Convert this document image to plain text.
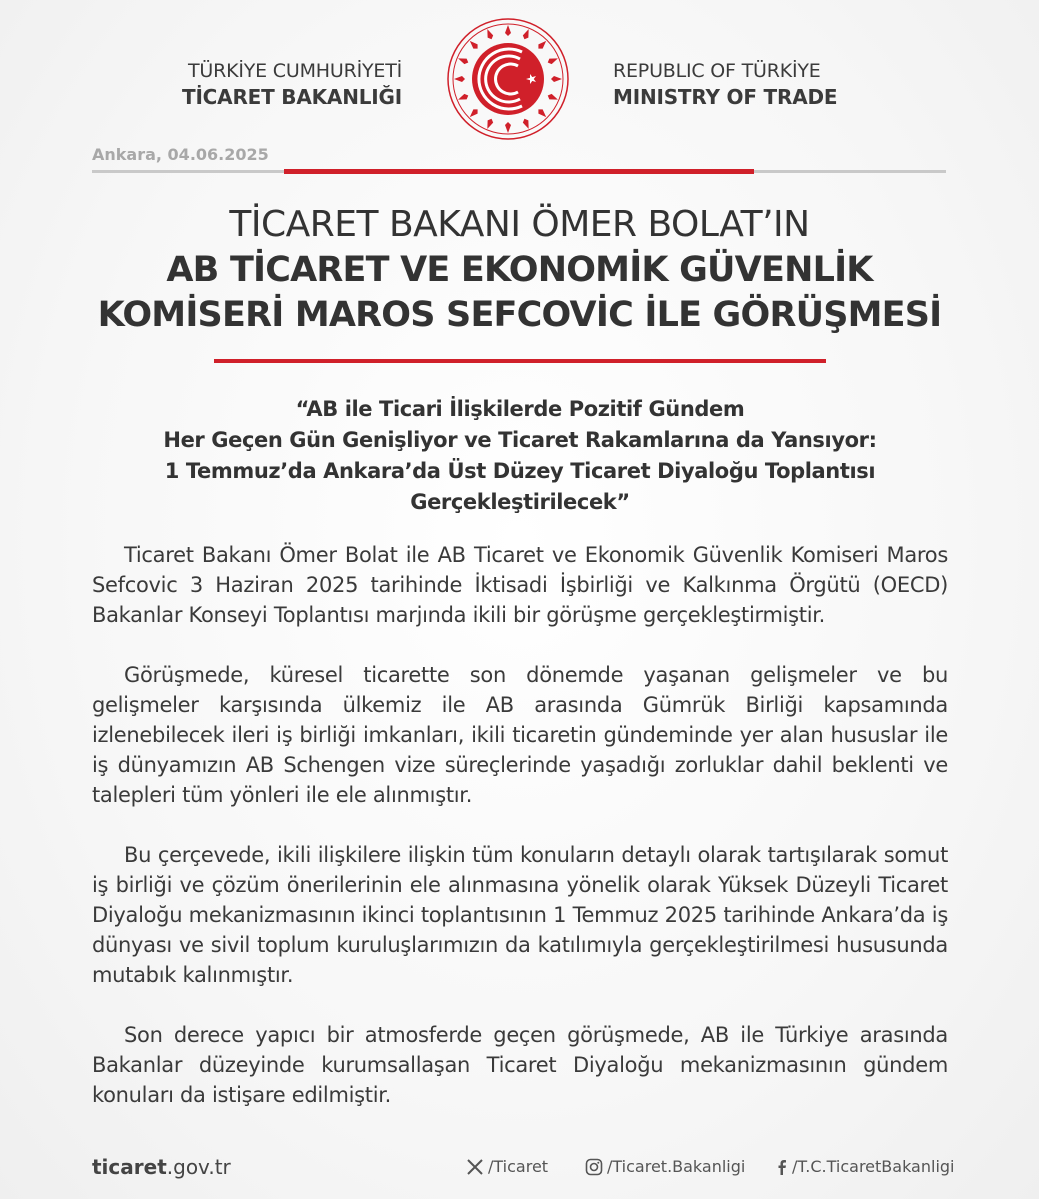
TÜRKİYE CUMHURİYETİ
TİCARET BAKANLIĞI
REPUBLIC OF TÜRKİYE
MINISTRY OF TRADE
Ankara, 04.06.2025
TİCARET BAKANI ÖMER BOLAT’IN
AB TİCARET VE EKONOMİK GÜVENLİK
KOMİSERİ MAROS SEFCOVİC İLE GÖRÜŞMESİ
“AB ile Ticari İlişkilerde Pozitif Gündem
Her Geçen Gün Genişliyor ve Ticaret Rakamlarına da Yansıyor:
1 Temmuz’da Ankara’da Üst Düzey Ticaret Diyaloğu Toplantısı
Gerçekleştirilecek”

Ticaret Bakanı Ömer Bolat ile AB Ticaret ve Ekonomik Güvenlik Komiseri Maros Sefcovic 3 Haziran 2025 tarihinde İktisadi İşbirliği ve Kalkınma Örgütü (OECD) Bakanlar Konseyi Toplantısı marjında ikili bir görüşme gerçekleştirmiştir.

Görüşmede, küresel ticarette son dönemde yaşanan gelişmeler ve bu gelişmeler karşısında ülkemiz ile AB arasında Gümrük Birliği kapsamında izlenebilecek ileri iş birliği imkanları, ikili ticaretin gündeminde yer alan hususlar ile iş dünyamızın AB Schengen vize süreçlerinde yaşadığı zorluklar dahil beklenti ve talepleri tüm yönleri ile ele alınmıştır.

Bu çerçevede, ikili ilişkilere ilişkin tüm konuların detaylı olarak tartışılarak somut iş birliği ve çözüm önerilerinin ele alınmasına yönelik olarak Yüksek Düzeyli Ticaret Diyaloğu mekanizmasının ikinci toplantısının 1 Temmuz 2025 tarihinde Ankara’da iş dünyası ve sivil toplum kuruluşlarımızın da katılımıyla gerçekleştirilmesi hususunda mutabık kalınmıştır.

Son derece yapıcı bir atmosferde geçen görüşmede, AB ile Türkiye arasında Bakanlar düzeyinde kurumsallaşan Ticaret Diyaloğu mekanizmasının gündem konuları da istişare edilmiştir.

ticaret.gov.tr	/Ticaret	/Ticaret.Bakanligi	/T.C.TicaretBakanligi
